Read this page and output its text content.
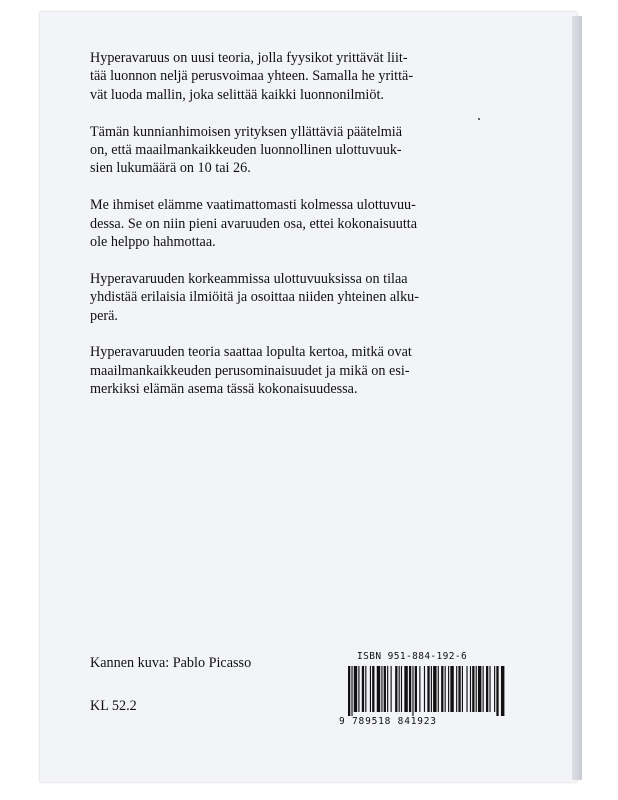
Hyperavaruus on uusi teoria, jolla fyysikot yrittävät liit-
tää luonnon neljä perusvoimaa yhteen. Samalla he yrittä-
vät luoda mallin, joka selittää kaikki luonnonilmiöt.

Tämän kunnianhimoisen yrityksen yllättäviä päätelmiä
on, että maailmankaikkeuden luonnollinen ulottuvuuk-
sien lukumäärä on 10 tai 26.

Me ihmiset elämme vaatimattomasti kolmessa ulottuvuu-
dessa. Se on niin pieni avaruuden osa, ettei kokonaisuutta
ole helppo hahmottaa.

Hyperavaruuden korkeammissa ulottuvuuksissa on tilaa
yhdistää erilaisia ilmiöitä ja osoittaa niiden yhteinen alku-
perä.

Hyperavaruuden teoria saattaa lopulta kertoa, mitkä ovat
maailmankaikkeuden perusominaisuudet ja mikä on esi-
merkiksi elämän asema tässä kokonaisuudessa.

Kannen kuva: Pablo Picasso
KL 52.2
ISBN 951-884-192-6
9 789518 841923
